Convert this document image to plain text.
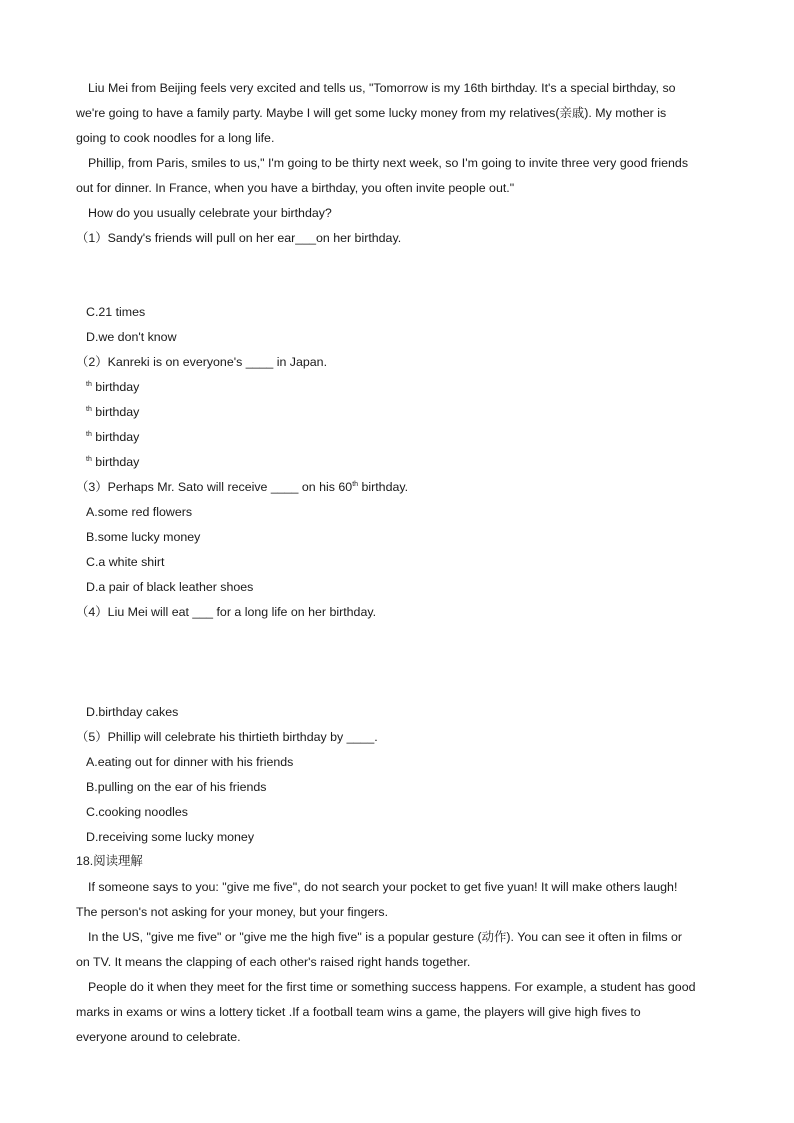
Liu Mei from Beijing feels very excited and tells us, "Tomorrow is my 16th birthday. It's a special birthday, so
we're going to have a family party. Maybe I will get some lucky money from my relatives(亲戚). My mother is
going to cook noodles for a long life.
Phillip, from Paris, smiles to us," I'm going to be thirty next week, so I'm going to invite three very good friends
out for dinner. In France, when you have a birthday, you often invite people out."
How do you usually celebrate your birthday?
（1）Sandy's friends will pull on her ear___on her birthday.
C.21 times
D.we don't know
（2）Kanreki is on everyone's ____ in Japan.
$^{th}$ birthday
$^{th}$ birthday
$^{th}$ birthday
$^{th}$ birthday
（3）Perhaps Mr. Sato will receive ____ on his 60th birthday.
A.some red flowers
B.some lucky money
C.a white shirt
D.a pair of black leather shoes
（4）Liu Mei will eat ___ for a long life on her birthday.
D.birthday cakes
（5）Phillip will celebrate his thirtieth birthday by ____.
A.eating out for dinner with his friends
B.pulling on the ear of his friends
C.cooking noodles
D.receiving some lucky money
18.阅读理解
If someone says to you: "give me five", do not search your pocket to get five yuan! It will make others laugh!
The person's not asking for your money, but your fingers.
In the US, "give me five" or "give me the high five" is a popular gesture (动作). You can see it often in films or
on TV. It means the clapping of each other's raised right hands together.
People do it when they meet for the first time or something success happens. For example, a student has good
marks in exams or wins a lottery ticket .If a football team wins a game, the players will give high fives to
everyone around to celebrate.
